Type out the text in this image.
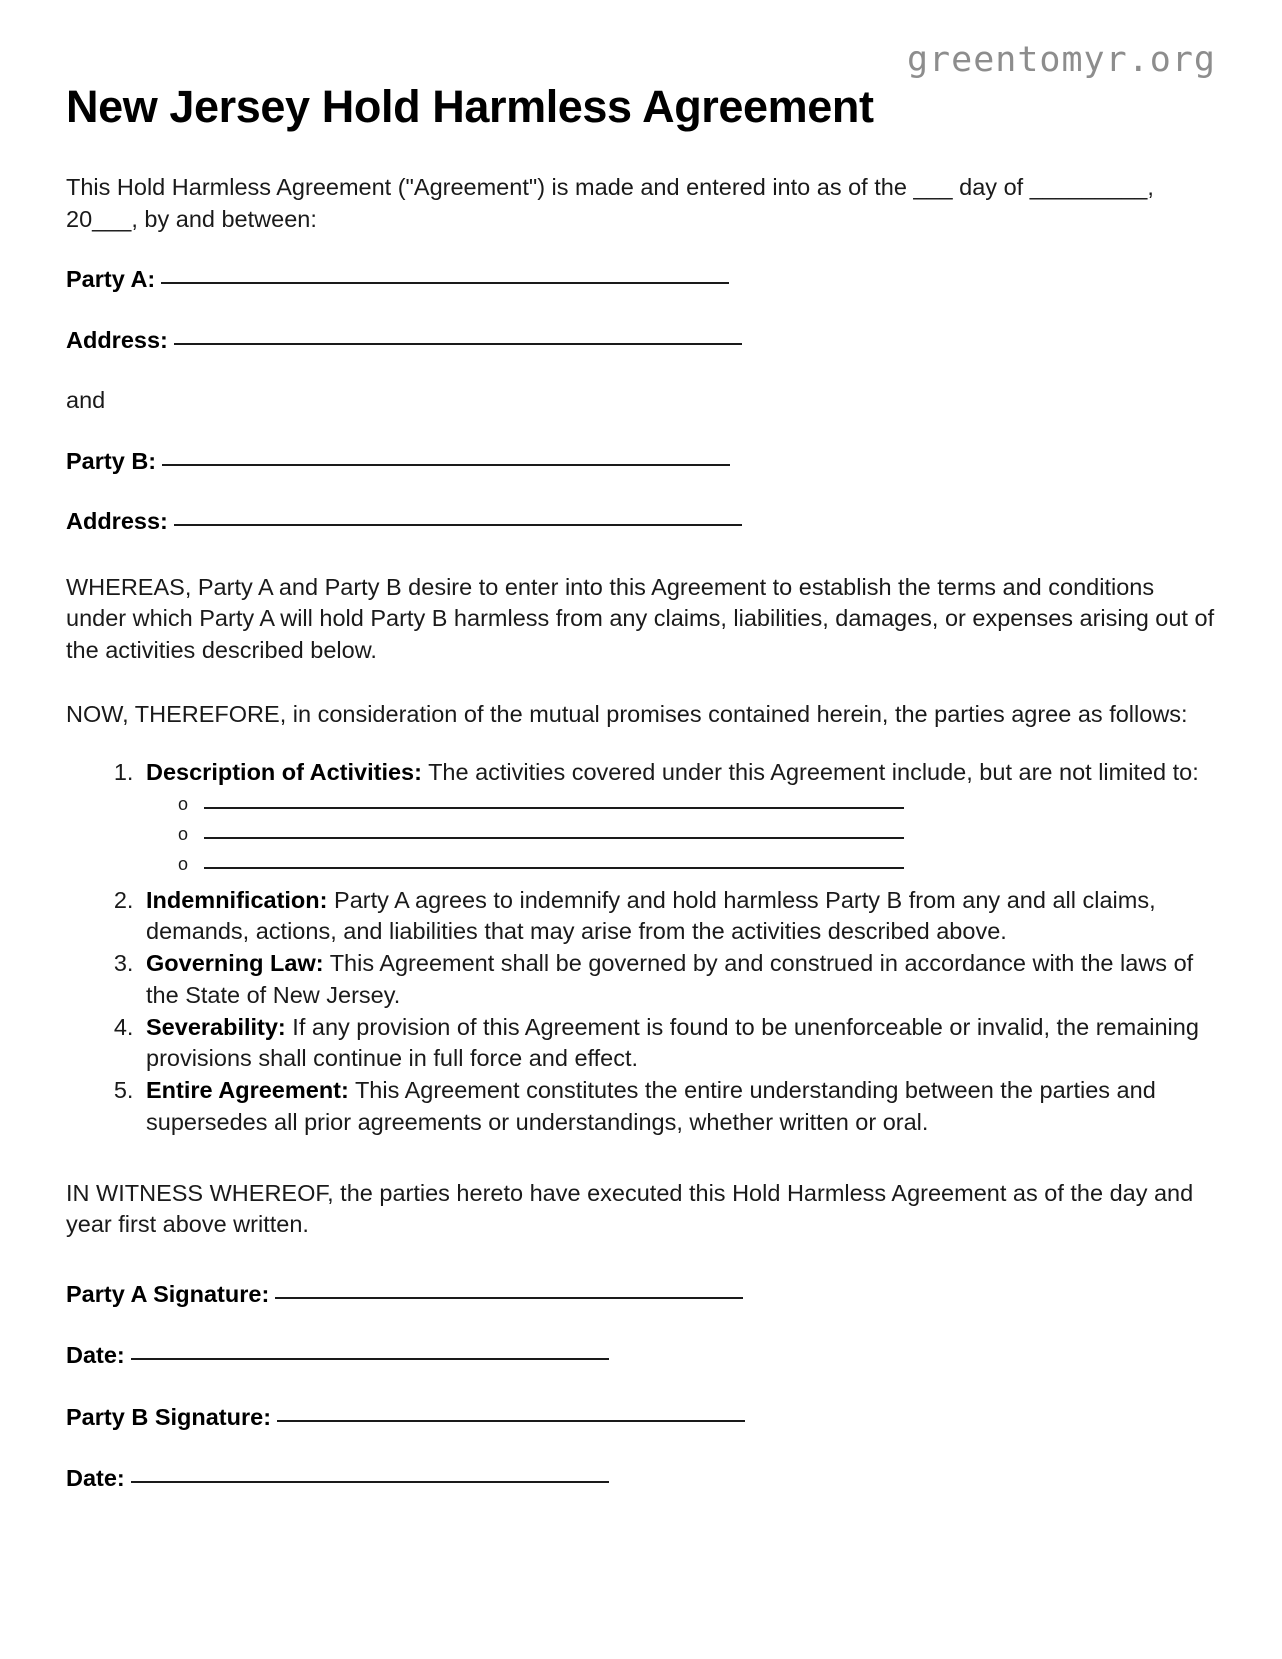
greentomyr.org
New Jersey Hold Harmless Agreement

This Hold Harmless Agreement ("Agreement") is made and entered into as of the ___ day of _________, 20___, by and between:

Party A:
Address:

and

Party B:
Address:

WHEREAS, Party A and Party B desire to enter into this Agreement to establish the terms and conditions under which Party A will hold Party B harmless from any claims, liabilities, damages, or expenses arising out of the activities described below.

NOW, THEREFORE, in consideration of the mutual promises contained herein, the parties agree as follows:

1. Description of Activities: The activities covered under this Agreement include, but are not limited to:
o
o
o
2. Indemnification: Party A agrees to indemnify and hold harmless Party B from any and all claims, demands, actions, and liabilities that may arise from the activities described above.
3. Governing Law: This Agreement shall be governed by and construed in accordance with the laws of the State of New Jersey.
4. Severability: If any provision of this Agreement is found to be unenforceable or invalid, the remaining provisions shall continue in full force and effect.
5. Entire Agreement: This Agreement constitutes the entire understanding between the parties and supersedes all prior agreements or understandings, whether written or oral.

IN WITNESS WHEREOF, the parties hereto have executed this Hold Harmless Agreement as of the day and year first above written.

Party A Signature:
Date:
Party B Signature:
Date:
